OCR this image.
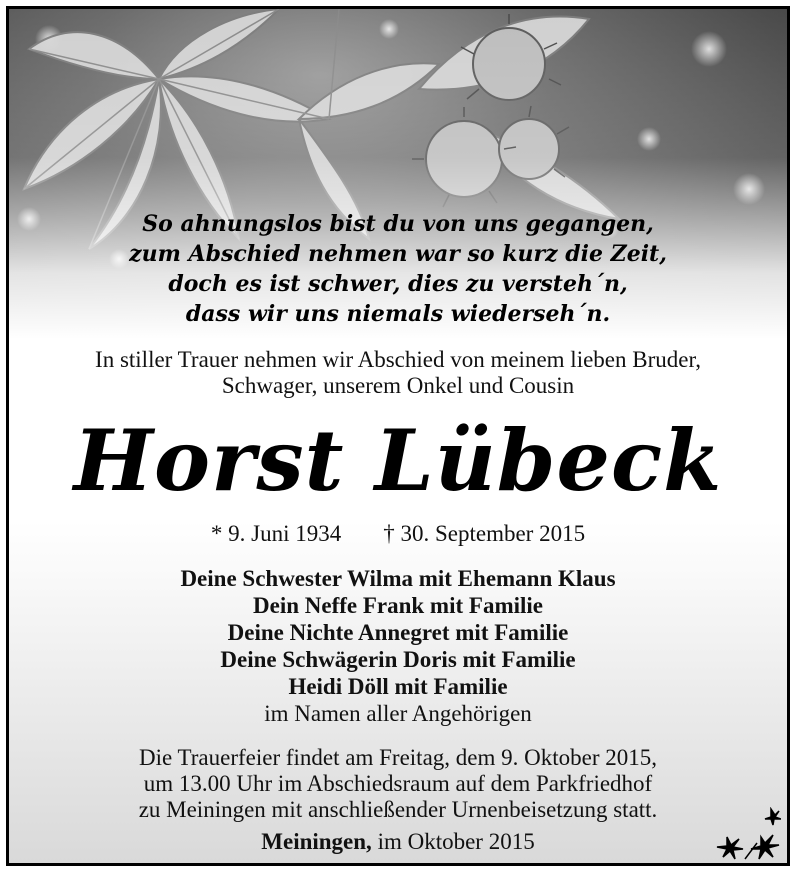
So ahnungslos bist du von uns gegangen,
zum Abschied nehmen war so kurz die Zeit,
doch es ist schwer, dies zu versteh´n,
dass wir uns niemals wiederseh´n.
In stiller Trauer nehmen wir Abschied von meinem lieben Bruder,
Schwager, unserem Onkel und Cousin
Horst Lübeck
* 9. Juni 1934 † 30. September 2015
Deine Schwester Wilma mit Ehemann Klaus
Dein Neffe Frank mit Familie
Deine Nichte Annegret mit Familie
Deine Schwägerin Doris mit Familie
Heidi Döll mit Familie
im Namen aller Angehörigen
Die Trauerfeier findet am Freitag, dem 9. Oktober 2015,
um 13.00 Uhr im Abschiedsraum auf dem Parkfriedhof
zu Meiningen mit anschließender Urnenbeisetzung statt.
Meiningen, im Oktober 2015
